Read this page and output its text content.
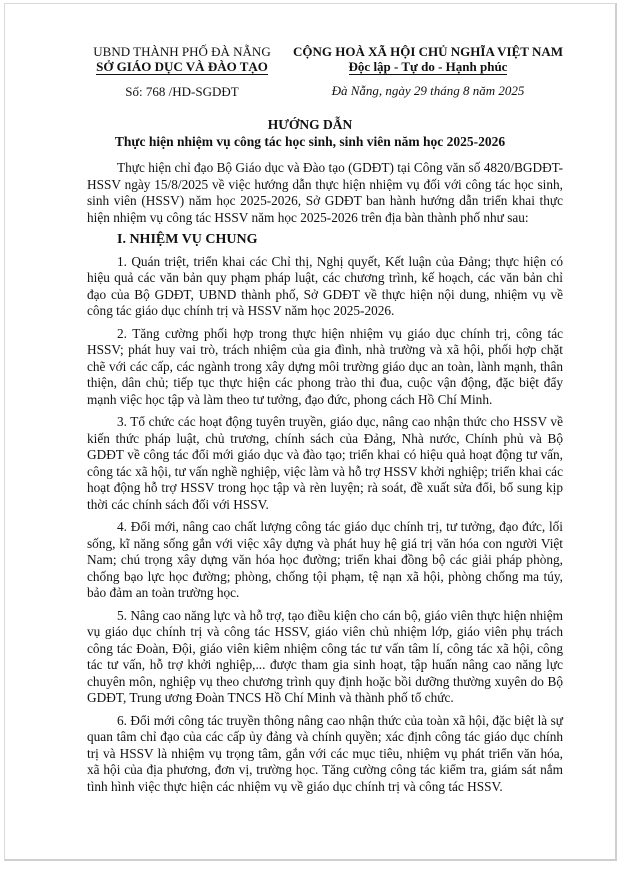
UBND THÀNH PHỐ ĐÀ NẴNG
SỞ GIÁO DỤC VÀ ĐÀO TẠO
Số: 768 /HD-SGDĐT
CỘNG HOÀ XÃ HỘI CHỦ NGHĨA VIỆT NAM
Độc lập - Tự do - Hạnh phúc
Đà Nẵng, ngày 29 tháng 8 năm 2025
HƯỚNG DẪN
Thực hiện nhiệm vụ công tác học sinh, sinh viên năm học 2025-2026

Thực hiện chỉ đạo Bộ Giáo dục và Đào tạo (GDĐT) tại Công văn số 4820/BGDĐT-HSSV ngày 15/8/2025 về việc hướng dẫn thực hiện nhiệm vụ đối với công tác học sinh, sinh viên (HSSV) năm học 2025-2026, Sở GDĐT ban hành hướng dẫn triển khai thực hiện nhiệm vụ công tác HSSV năm học 2025-2026 trên địa bàn thành phố như sau:

I. NHIỆM VỤ CHUNG

1. Quán triệt, triển khai các Chỉ thị, Nghị quyết, Kết luận của Đảng; thực hiện có hiệu quả các văn bản quy phạm pháp luật, các chương trình, kế hoạch, các văn bản chỉ đạo của Bộ GDĐT, UBND thành phố, Sở GDĐT về thực hiện nội dung, nhiệm vụ về công tác giáo dục chính trị và HSSV năm học 2025-2026.

2. Tăng cường phối hợp trong thực hiện nhiệm vụ giáo dục chính trị, công tác HSSV; phát huy vai trò, trách nhiệm của gia đình, nhà trường và xã hội, phối hợp chặt chẽ với các cấp, các ngành trong xây dựng môi trường giáo dục an toàn, lành mạnh, thân thiện, dân chủ; tiếp tục thực hiện các phong trào thi đua, cuộc vận động, đặc biệt đẩy mạnh việc học tập và làm theo tư tưởng, đạo đức, phong cách Hồ Chí Minh.

3. Tổ chức các hoạt động tuyên truyền, giáo dục, nâng cao nhận thức cho HSSV về kiến thức pháp luật, chủ trương, chính sách của Đảng, Nhà nước, Chính phủ và Bộ GDĐT về công tác đổi mới giáo dục và đào tạo; triển khai có hiệu quả hoạt động tư vấn, công tác xã hội, tư vấn nghề nghiệp, việc làm và hỗ trợ HSSV khởi nghiệp; triển khai các hoạt động hỗ trợ HSSV trong học tập và rèn luyện; rà soát, đề xuất sửa đổi, bổ sung kịp thời các chính sách đối với HSSV.

4. Đổi mới, nâng cao chất lượng công tác giáo dục chính trị, tư tưởng, đạo đức, lối sống, kĩ năng sống gắn với việc xây dựng và phát huy hệ giá trị văn hóa con người Việt Nam; chú trọng xây dựng văn hóa học đường; triển khai đồng bộ các giải pháp phòng, chống bạo lực học đường; phòng, chống tội phạm, tệ nạn xã hội, phòng chống ma túy, bảo đảm an toàn trường học.

5. Nâng cao năng lực và hỗ trợ, tạo điều kiện cho cán bộ, giáo viên thực hiện nhiệm vụ giáo dục chính trị và công tác HSSV, giáo viên chủ nhiệm lớp, giáo viên phụ trách công tác Đoàn, Đội, giáo viên kiêm nhiệm công tác tư vấn tâm lí, công tác xã hội, công tác tư vấn, hỗ trợ khởi nghiệp,... được tham gia sinh hoạt, tập huấn nâng cao năng lực chuyên môn, nghiệp vụ theo chương trình quy định hoặc bồi dưỡng thường xuyên do Bộ GDĐT, Trung ương Đoàn TNCS Hồ Chí Minh và thành phố tổ chức.

6. Đổi mới công tác truyền thông nâng cao nhận thức của toàn xã hội, đặc biệt là sự quan tâm chỉ đạo của các cấp ủy đảng và chính quyền; xác định công tác giáo dục chính trị và HSSV là nhiệm vụ trọng tâm, gắn với các mục tiêu, nhiệm vụ phát triển văn hóa, xã hội của địa phương, đơn vị, trường học. Tăng cường công tác kiểm tra, giám sát nắm tình hình việc thực hiện các nhiệm vụ về giáo dục chính trị và công tác HSSV.
